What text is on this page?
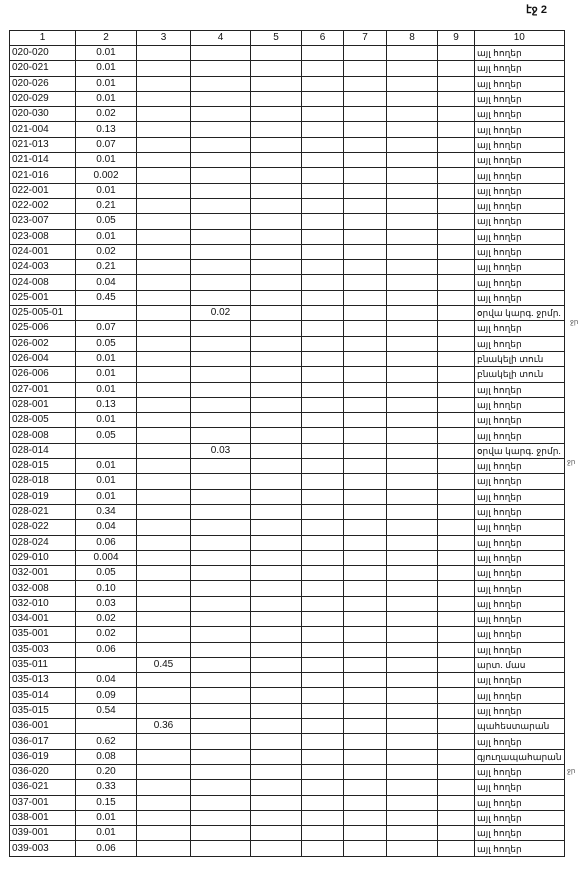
էջ 2
1	2	3	4	5	6	7	8	9	10
020-020	0.01								այլ հողեր
020-021	0.01								այլ հողեր
020-026	0.01								այլ հողեր
020-029	0.01								այլ հողեր
020-030	0.02								այլ հողեր
021-004	0.13								այլ հողեր
021-013	0.07								այլ հողեր
021-014	0.01								այլ հողեր
021-016	0.002								այլ հողեր
022-001	0.01								այլ հողեր
022-002	0.21								այլ հողեր
023-007	0.05								այլ հողեր
023-008	0.01								այլ հողեր
024-001	0.02								այլ հողեր
024-003	0.21								այլ հողեր
024-008	0.04								այլ հողեր
025-001	0.45								այլ հողեր
025-005-01			0.02						օրվա կարգ. ջրմր.
025-006	0.07								այլ հողեր
026-002	0.05								այլ հողեր
026-004	0.01								բնակելի տուն
026-006	0.01								բնակելի տուն
027-001	0.01								այլ հողեր
028-001	0.13								այլ հողեր
028-005	0.01								այլ հողեր
028-008	0.05								այլ հողեր
028-014			0.03						օրվա կարգ. ջրմր.
028-015	0.01								այլ հողեր
028-018	0.01								այլ հողեր
028-019	0.01								այլ հողեր
028-021	0.34								այլ հողեր
028-022	0.04								այլ հողեր
028-024	0.06								այլ հողեր
029-010	0.004								այլ հողեր
032-001	0.05								այլ հողեր
032-008	0.10								այլ հողեր
032-010	0.03								այլ հողեր
034-001	0.02								այլ հողեր
035-001	0.02								այլ հողեր
035-003	0.06								այլ հողեր
035-011		0.45							արտ. մաս
035-013	0.04								այլ հողեր
035-014	0.09								այլ հողեր
035-015	0.54								այլ հողեր
036-001		0.36							պահեստարան
036-017	0.62								այլ հողեր
036-019	0.08								գյուղապահարան
036-020	0.20								այլ հողեր
036-021	0.33								այլ հողեր
037-001	0.15								այլ հողեր
038-001	0.01								այլ հողեր
039-001	0.01								այլ հողեր
039-003	0.06								այլ հողեր
ջր
ջր
ջր
